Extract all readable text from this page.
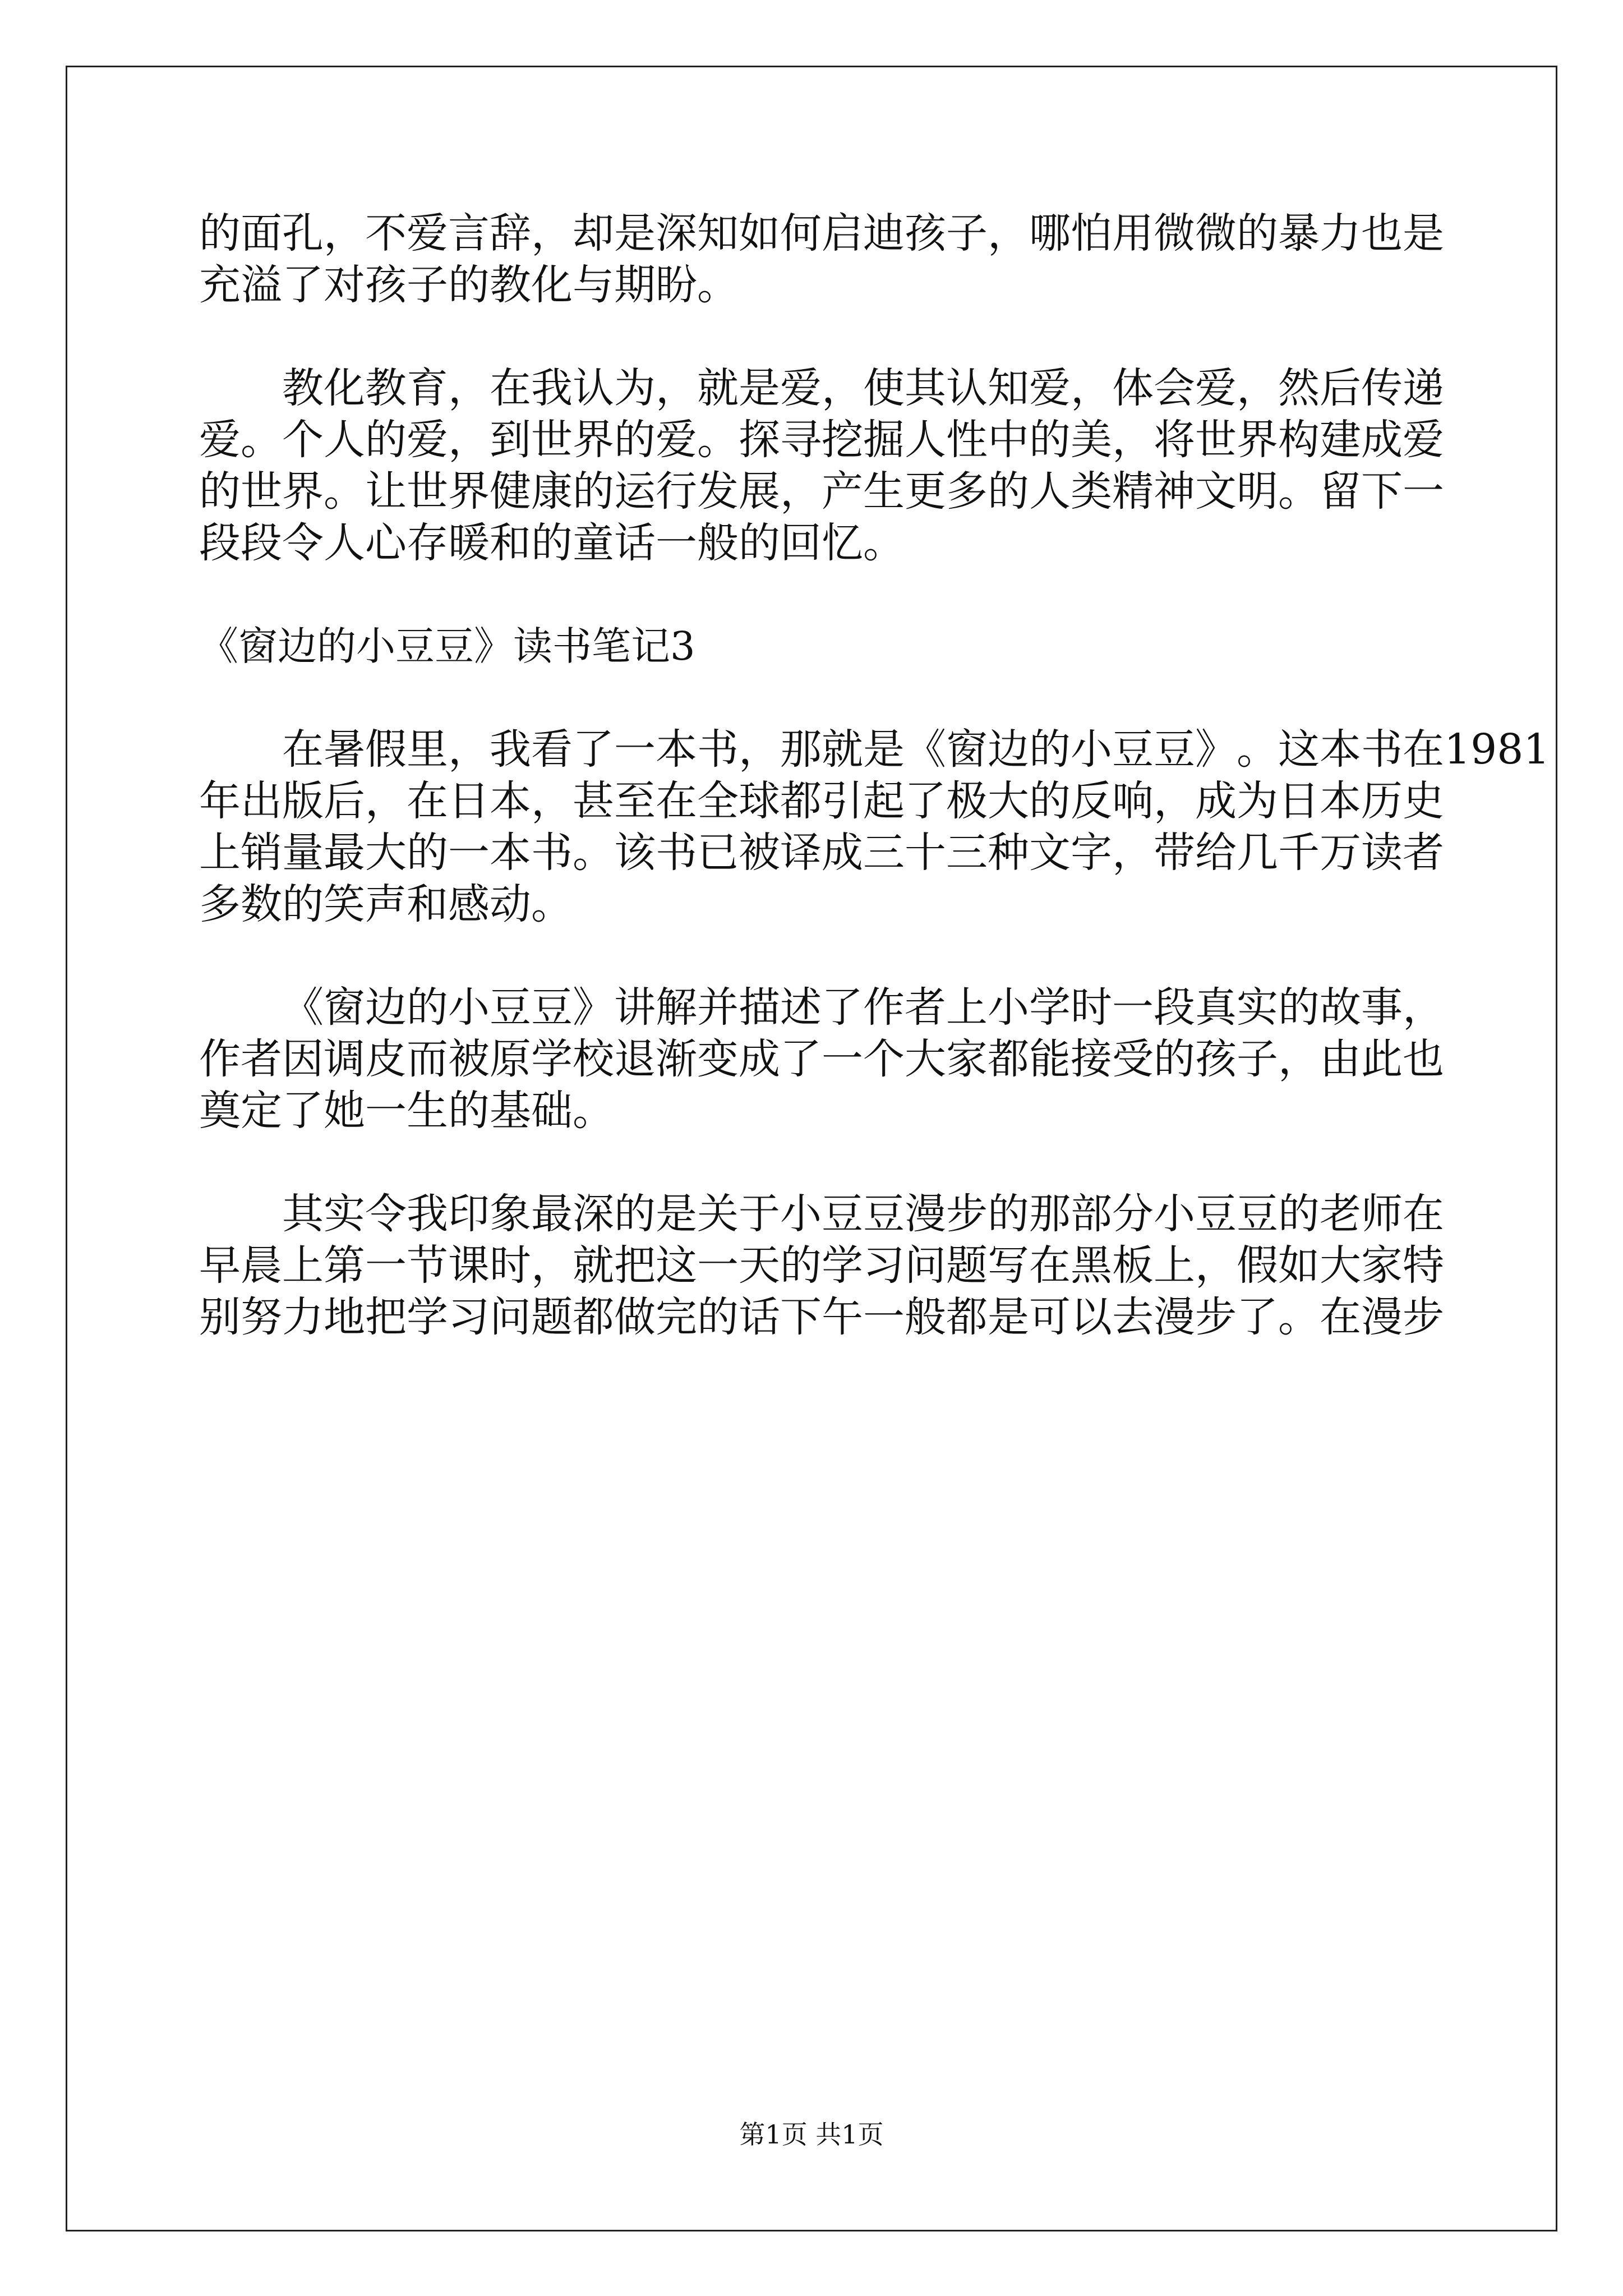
的 面 孔 ， 不 爱 言 辞 ， 却 是 深 知 如 何 启 迪 孩 子 ， 哪 怕 用 微 微 的 暴 力 也 是
充溢了对孩子的教化与期盼。
教 化 教 育 ， 在 我 认 为 ， 就 是 爱 ， 使 其 认 知 爱 ， 体 会 爱 ， 然 后 传 递
爱 。 个 人 的 爱 ， 到 世 界 的 爱 。 探 寻 挖 掘 人 性 中 的 美 ， 将 世 界 构 建 成 爱
的 世 界 。 让 世 界 健 康 的 运 行 发 展 ， 产 生 更 多 的 人 类 精 神 文 明 。 留 下 一
段段令人心存暖和的童话一般的回忆。
《窗边的小豆豆》读书笔记3
在 暑 假 里 ， 我 看 了 一 本 书 ， 那 就 是 《 窗 边 的 小 豆 豆 》 。 这 本 书 在 1 9 8 1
年 出 版 后 ， 在 日 本 ， 甚 至 在 全 球 都 引 起 了 极 大 的 反 响 ， 成 为 日 本 历 史
上 销 量 最 大 的 一 本 书 。 该 书 已 被 译 成 三 十 三 种 文 字 ， 带 给 几 千 万 读 者
多数的笑声和感动。
《 窗 边 的 小 豆 豆 》 讲 解 并 描 述 了 作 者 上 小 学 时 一 段 真 实 的 故 事 ，
作 者 因 调 皮 而 被 原 学 校 退 渐 变 成 了 一 个 大 家 都 能 接 受 的 孩 子 ， 由 此 也
奠定了她一生的基础。
其 实 令 我 印 象 最 深 的 是 关 于 小 豆 豆 漫 步 的 那 部 分 小 豆 豆 的 老 师 在
早 晨 上 第 一 节 课 时 ， 就 把 这 一 天 的 学 习 问 题 写 在 黑 板 上 ， 假 如 大 家 特
别 努 力 地 把 学 习 问 题 都 做 完 的 话 下 午 一 般 都 是 可 以 去 漫 步 了 。 在 漫 步
第1页 共1页
